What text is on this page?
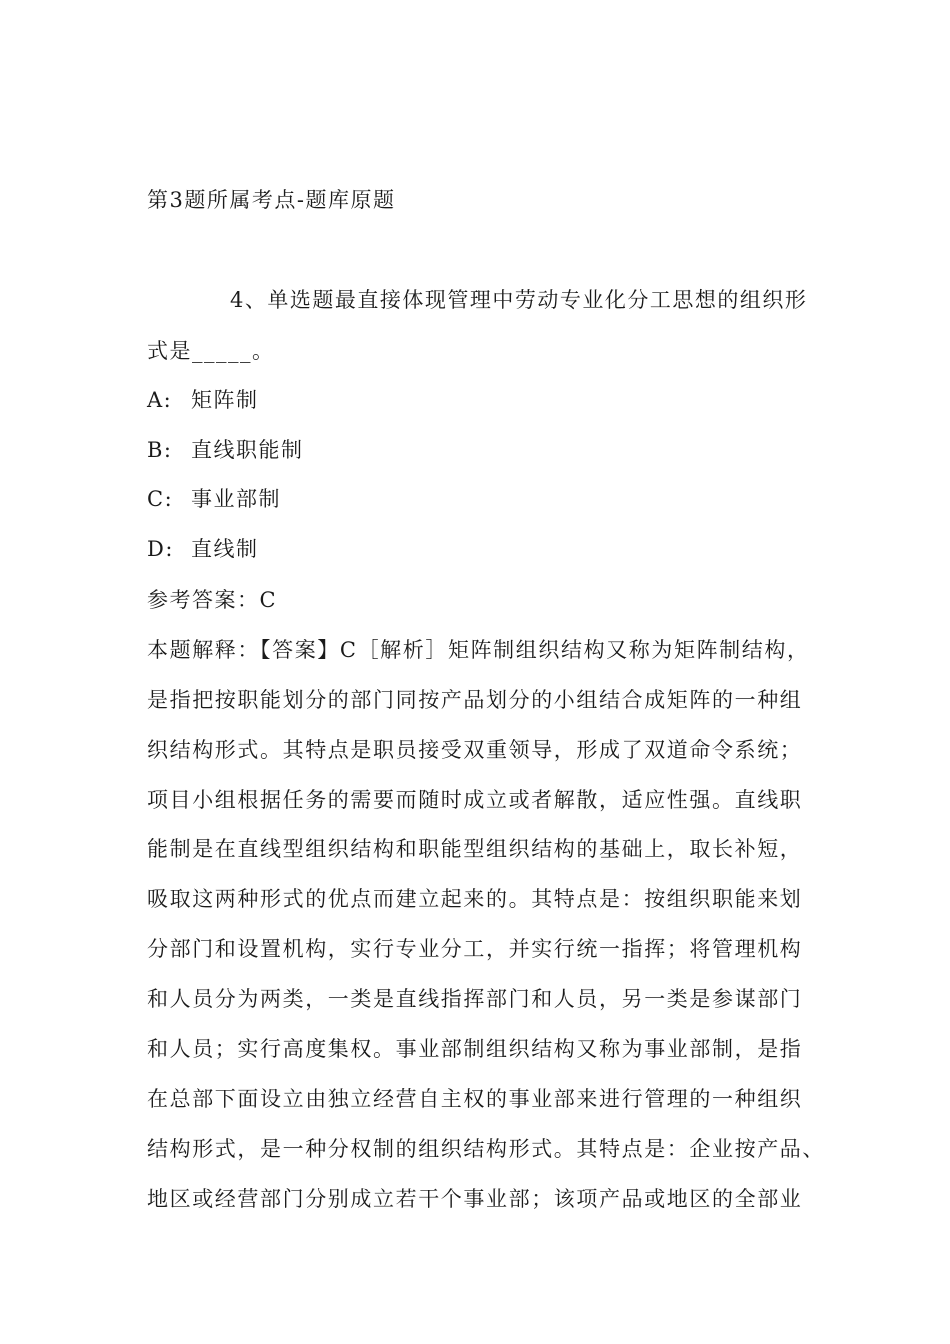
第3题所属考点-题库原题
4、单选题最直接体现管理中劳动专业化分工思想的组织形
式是_____。
A: 矩阵制
B: 直线职能制
C: 事业部制
D: 直线制
参考答案：C
本题解释：【答案】C［解析］矩阵制组织结构又称为矩阵制结构，
是指把按职能划分的部门同按产品划分的小组结合成矩阵的一种组
织结构形式。其特点是职员接受双重领导，形成了双道命令系统；
项目小组根据任务的需要而随时成立或者解散，适应性强。直线职
能制是在直线型组织结构和职能型组织结构的基础上，取长补短，
吸取这两种形式的优点而建立起来的。其特点是：按组织职能来划
分部门和设置机构，实行专业分工，并实行统一指挥；将管理机构
和人员分为两类，一类是直线指挥部门和人员，另一类是参谋部门
和人员；实行高度集权。事业部制组织结构又称为事业部制，是指
在总部下面设立由独立经营自主权的事业部来进行管理的一种组织
结构形式，是一种分权制的组织结构形式。其特点是：企业按产品、
地区或经营部门分别成立若干个事业部；该项产品或地区的全部业
